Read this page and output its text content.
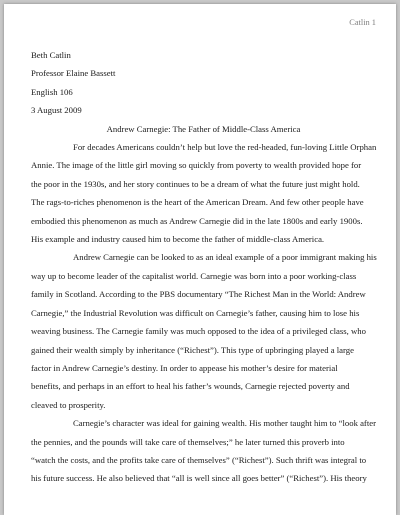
Catlin 1
Beth Catlin
Professor Elaine Bassett
English 106
3 August 2009
Andrew Carnegie: The Father of Middle-Class America

For decades Americans couldn’t help but love the red-headed, fun-loving Little Orphan
Annie. The image of the little girl moving so quickly from poverty to wealth provided hope for
the poor in the 1930s, and her story continues to be a dream of what the future just might hold.
The rags-to-riches phenomenon is the heart of the American Dream. And few other people have
embodied this phenomenon as much as Andrew Carnegie did in the late 1800s and early 1900s.
His example and industry caused him to become the father of middle-class America.

Andrew Carnegie can be looked to as an ideal example of a poor immigrant making his
way up to become leader of the capitalist world. Carnegie was born into a poor working-class
family in Scotland. According to the PBS documentary “The Richest Man in the World: Andrew
Carnegie,” the Industrial Revolution was difficult on Carnegie’s father, causing him to lose his
weaving business. The Carnegie family was much opposed to the idea of a privileged class, who
gained their wealth simply by inheritance (“Richest”). This type of upbringing played a large
factor in Andrew Carnegie’s destiny. In order to appease his mother’s desire for material
benefits, and perhaps in an effort to heal his father’s wounds, Carnegie rejected poverty and
cleaved to prosperity.

Carnegie’s character was ideal for gaining wealth. His mother taught him to “look after
the pennies, and the pounds will take care of themselves;” he later turned this proverb into
“watch the costs, and the profits take care of themselves” (“Richest”). Such thrift was integral to
his future success. He also believed that “all is well since all goes better” (“Richest”). His theory
